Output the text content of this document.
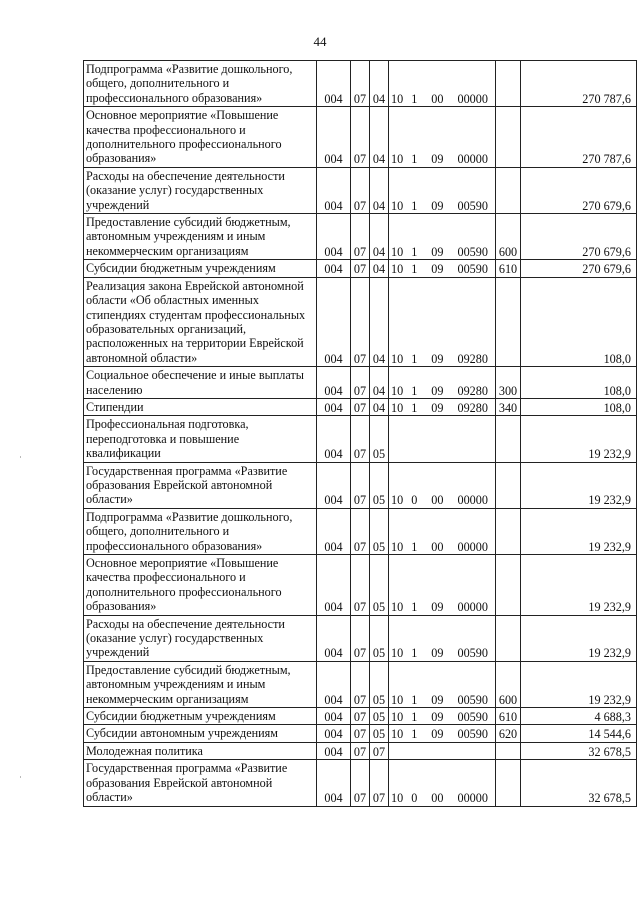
44
Подпрограмма «Развитие дошкольного, общего, дополнительного и профессионального образования»	004	07	04	10 1 00 00000		270 787,6
Основное мероприятие «Повышение качества профессионального и дополнительного профессионального образования»	004	07	04	10 1 09 00000		270 787,6
Расходы на обеспечение деятельности (оказание услуг) государственных учреждений	004	07	04	10 1 09 00590		270 679,6
Предоставление субсидий бюджетным, автономным учреждениям и иным некоммерческим организациям	004	07	04	10 1 09 00590	600	270 679,6
Субсидии бюджетным учреждениям	004	07	04	10 1 09 00590	610	270 679,6
Реализация закона Еврейской автономной области «Об областных именных стипендиях студентам профессиональных образовательных организаций, расположенных на территории Еврейской автономной области»	004	07	04	10 1 09 09280		108,0
Социальное обеспечение и иные выплаты населению	004	07	04	10 1 09 09280	300	108,0
Стипендии	004	07	04	10 1 09 09280	340	108,0
Профессиональная подготовка, переподготовка и повышение квалификации	004	07	05			19 232,9
Государственная программа «Развитие образования Еврейской автономной области»	004	07	05	10 0 00 00000		19 232,9
Подпрограмма «Развитие дошкольного, общего, дополнительного и профессионального образования»	004	07	05	10 1 00 00000		19 232,9
Основное мероприятие «Повышение качества профессионального и дополнительного профессионального образования»	004	07	05	10 1 09 00000		19 232,9
Расходы на обеспечение деятельности (оказание услуг) государственных учреждений	004	07	05	10 1 09 00590		19 232,9
Предоставление субсидий бюджетным, автономным учреждениям и иным некоммерческим организациям	004	07	05	10 1 09 00590	600	19 232,9
Субсидии бюджетным учреждениям	004	07	05	10 1 09 00590	610	4 688,3
Субсидии автономным учреждениям	004	07	05	10 1 09 00590	620	14 544,6
Молодежная политика	004	07	07			32 678,5
Государственная программа «Развитие образования Еврейской автономной области»	004	07	07	10 0 00 00000		32 678,5
